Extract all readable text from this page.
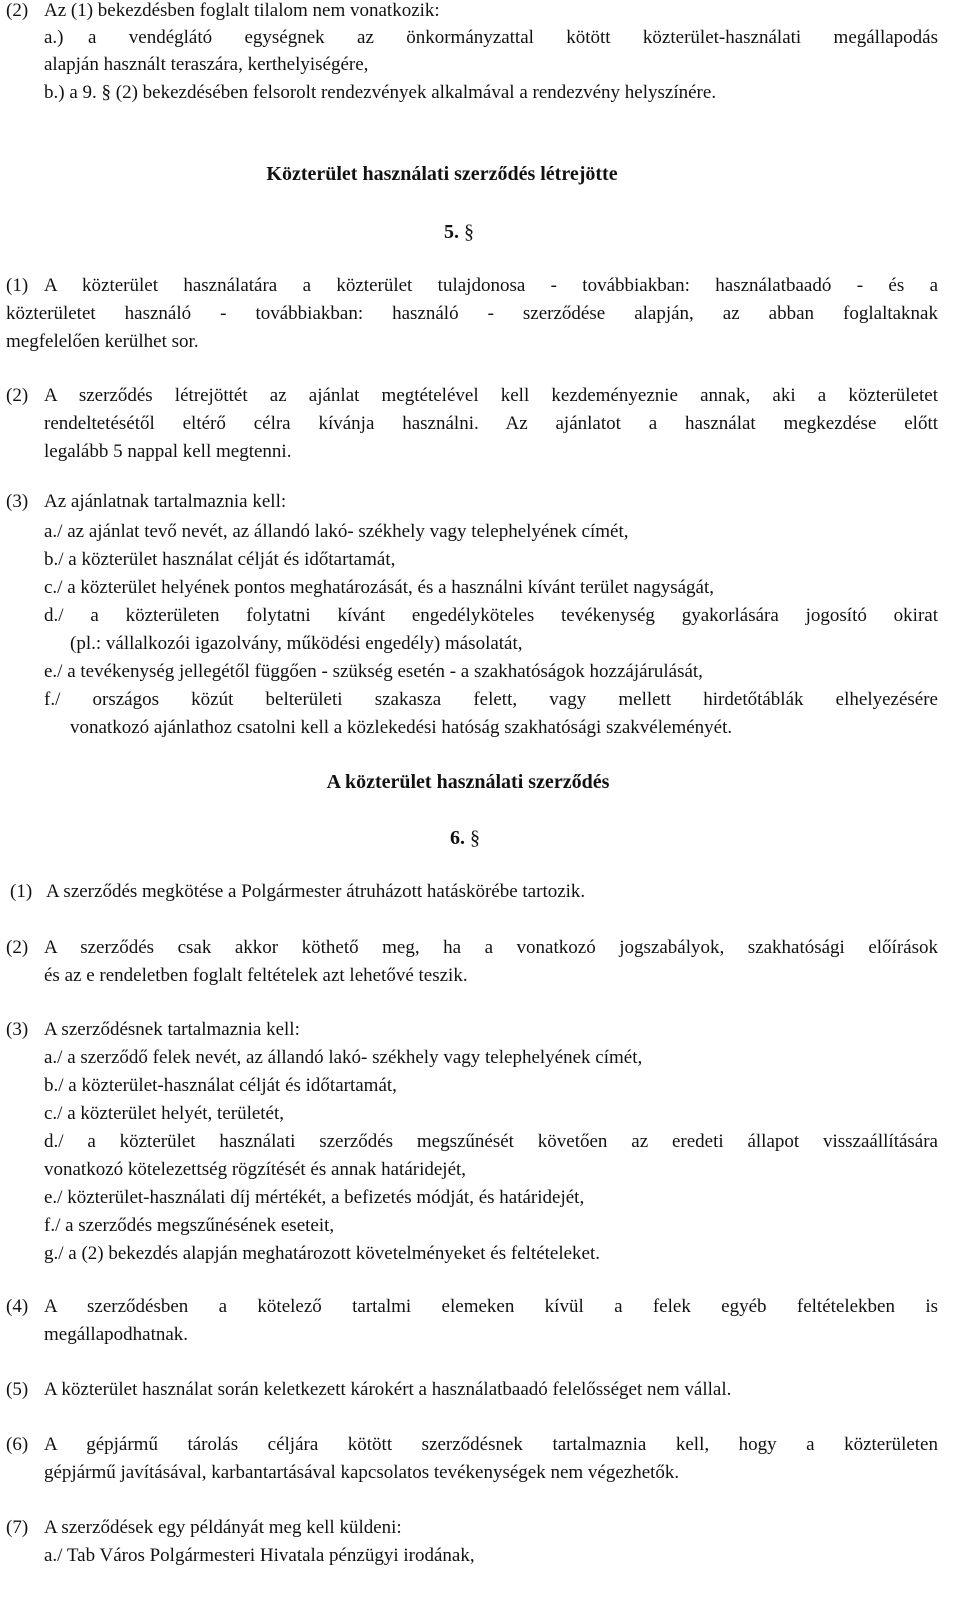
(2) Az (1) bekezdésben foglalt tilalom nem vonatkozik:
a.) a vendéglátó egységnek az önkormányzattal kötött közterület-használati megállapodás
alapján használt teraszára, kerthelyiségére,
b.) a 9. § (2) bekezdésében felsorolt rendezvények alkalmával a rendezvény helyszínére.
Közterület használati szerződés létrejötte
5. §
(1) A közterület használatára a közterület tulajdonosa - továbbiakban: használatbaadó - és a
közterületet használó - továbbiakban: használó - szerződése alapján, az abban foglaltaknak
megfelelően kerülhet sor.
(2) A szerződés létrejöttét az ajánlat megtételével kell kezdeményeznie annak, aki a közterületet
rendeltetésétől eltérő célra kívánja használni. Az ajánlatot a használat megkezdése előtt
legalább 5 nappal kell megtenni.
(3) Az ajánlatnak tartalmaznia kell:
a./ az ajánlat tevő nevét, az állandó lakó- székhely vagy telephelyének címét,
b./ a közterület használat célját és időtartamát,
c./ a közterület helyének pontos meghatározását, és a használni kívánt terület nagyságát,
d./ a közterületen folytatni kívánt engedélyköteles tevékenység gyakorlására jogosító okirat
(pl.: vállalkozói igazolvány, működési engedély) másolatát,
e./ a tevékenység jellegétől függően - szükség esetén - a szakhatóságok hozzájárulását,
f./ országos közút belterületi szakasza felett, vagy mellett hirdetőtáblák elhelyezésére
vonatkozó ajánlathoz csatolni kell a közlekedési hatóság szakhatósági szakvéleményét.
A közterület használati szerződés
6. §
(1) A szerződés megkötése a Polgármester átruházott hatáskörébe tartozik.
(2) A szerződés csak akkor köthető meg, ha a vonatkozó jogszabályok, szakhatósági előírások
és az e rendeletben foglalt feltételek azt lehetővé teszik.
(3) A szerződésnek tartalmaznia kell:
a./ a szerződő felek nevét, az állandó lakó- székhely vagy telephelyének címét,
b./ a közterület-használat célját és időtartamát,
c./ a közterület helyét, területét,
d./ a közterület használati szerződés megszűnését követően az eredeti állapot visszaállítására
vonatkozó kötelezettség rögzítését és annak határidejét,
e./ közterület-használati díj mértékét, a befizetés módját, és határidejét,
f./ a szerződés megszűnésének eseteit,
g./ a (2) bekezdés alapján meghatározott követelményeket és feltételeket.
(4) A szerződésben a kötelező tartalmi elemeken kívül a felek egyéb feltételekben is
megállapodhatnak.
(5) A közterület használat során keletkezett károkért a használatbaadó felelősséget nem vállal.
(6) A gépjármű tárolás céljára kötött szerződésnek tartalmaznia kell, hogy a közterületen
gépjármű javításával, karbantartásával kapcsolatos tevékenységek nem végezhetők.
(7) A szerződések egy példányát meg kell küldeni:
a./ Tab Város Polgármesteri Hivatala pénzügyi irodának,
